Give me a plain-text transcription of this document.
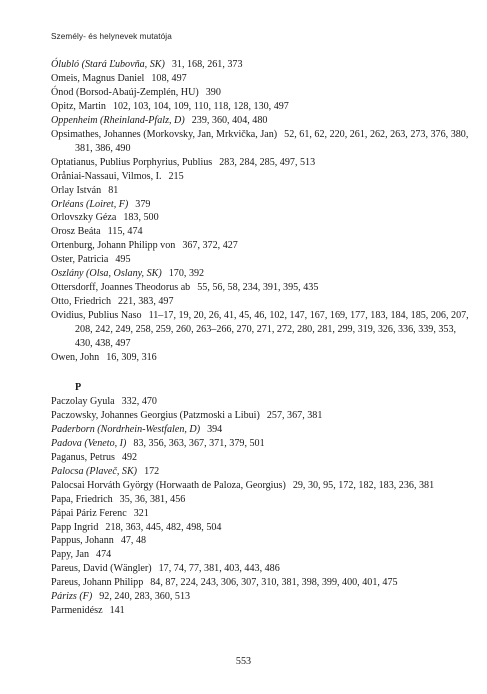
Személy- és helynevek mutatója
Ólubló (Stará Ľubovňa, SK) 31, 168, 261, 373
Omeis, Magnus Daniel 108, 497
Ónod (Borsod-Abaúj-Zemplén, HU) 390
Opitz, Martin 102, 103, 104, 109, 110, 118, 128, 130, 497
Oppenheim (Rheinland-Pfalz, D) 239, 360, 404, 480
Opsimathes, Johannes (Morkovsky, Jan, Mrkvička, Jan) 52, 61, 62, 220, 261, 262, 263, 273, 376, 380, 381, 386, 490
Optatianus, Publius Porphyrius, Publius 283, 284, 285, 497, 513
Oråniai-Nassaui, Vilmos, I. 215
Orlay István 81
Orléans (Loiret, F) 379
Orlovszky Géza 183, 500
Orosz Beáta 115, 474
Ortenburg, Johann Philipp von 367, 372, 427
Oster, Patricia 495
Oszlány (Olsa, Oslany, SK) 170, 392
Ottersdorff, Joannes Theodorus ab 55, 56, 58, 234, 391, 395, 435
Otto, Friedrich 221, 383, 497
Ovidius, Publius Naso 11–17, 19, 20, 26, 41, 45, 46, 102, 147, 167, 169, 177, 183, 184, 185, 206, 207, 208, 242, 249, 258, 259, 260, 263–266, 270, 271, 272, 280, 281, 299, 319, 326, 336, 339, 353, 430, 438, 497
Owen, John 16, 309, 316
P
Paczolay Gyula 332, 470
Paczowsky, Johannes Georgius (Patzmoski a Libui) 257, 367, 381
Paderborn (Nordrhein-Westfalen, D) 394
Padova (Veneto, I) 83, 356, 363, 367, 371, 379, 501
Paganus, Petrus 492
Palocsa (Plaveč, SK) 172
Palocsai Horváth György (Horwaath de Paloza, Georgius) 29, 30, 95, 172, 182, 183, 236, 381
Papa, Friedrich 35, 36, 381, 456
Pápai Páriz Ferenc 321
Papp Ingrid 218, 363, 445, 482, 498, 504
Pappus, Johann 47, 48
Papy, Jan 474
Pareus, David (Wängler) 17, 74, 77, 381, 403, 443, 486
Pareus, Johann Philipp 84, 87, 224, 243, 306, 307, 310, 381, 398, 399, 400, 401, 475
Párizs (F) 92, 240, 283, 360, 513
Parmenidész 141
553
